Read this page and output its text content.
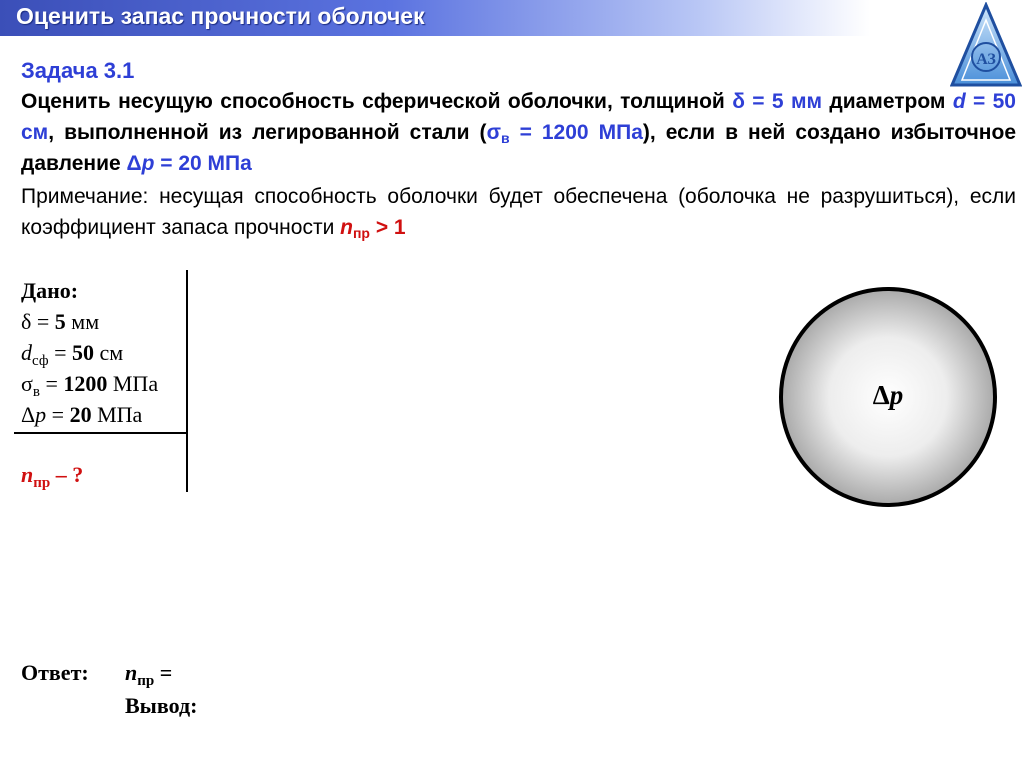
Оценить запас прочности оболочек
АЗ
Задача 3.1
Оценить несущую способность сферической оболочки, толщиной δ = 5 мм диаметром d = 50 см, выполненной из легированной стали ($\sigma_в = 1200$ МПа), если в ней создано избыточное давление Δp = 20 МПа
Примечание: несущая способность оболочки будет обеспечена (оболочка не разрушиться), если коэффициент запаса прочности $n_{пр} > 1$
Дано:
δ = 5 мм
$d_{сф} = 50$ см
$\sigma_в = 1200$ МПа
Δp = 20 МПа
$n_{пр}$ – ?
Δp
Ответ: $n_{пр}$ =
Вывод:
